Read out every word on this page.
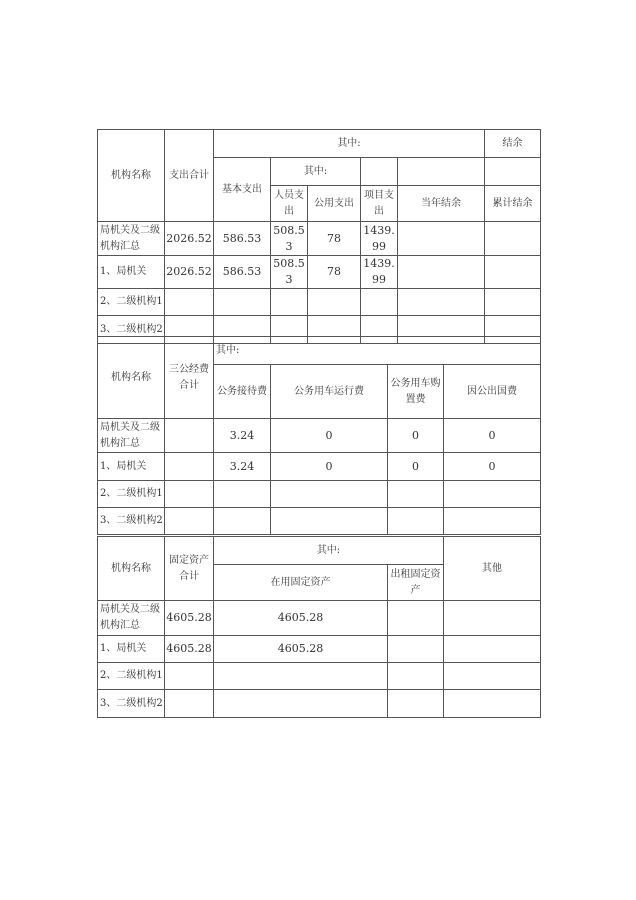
机构名称	支出合计	其中:					结余
		基本支出	其中:				
			人员支出	公用支出	项目支出	当年结余	累计结余
局机关及二级机构汇总	2026.52	586.53	508.53	78	1439.99		
1、局机关	2026.52	586.53	508.53	78	1439.99		
2、二级机构1							
3、二级机构2							
机构名称	三公经费合计	其中:			
		公务接待费	公务用车运行费	公务用车购置费	因公出国费
局机关及二级机构汇总		3.24	0	0	0
1、局机关		3.24	0	0	0
2、二级机构1					
3、二级机构2					
机构名称	固定资产合计	其中:		其他
		在用固定资产	出租固定资产	
局机关及二级机构汇总	4605.28	4605.28		
1、局机关	4605.28	4605.28		
2、二级机构1				
3、二级机构2				
